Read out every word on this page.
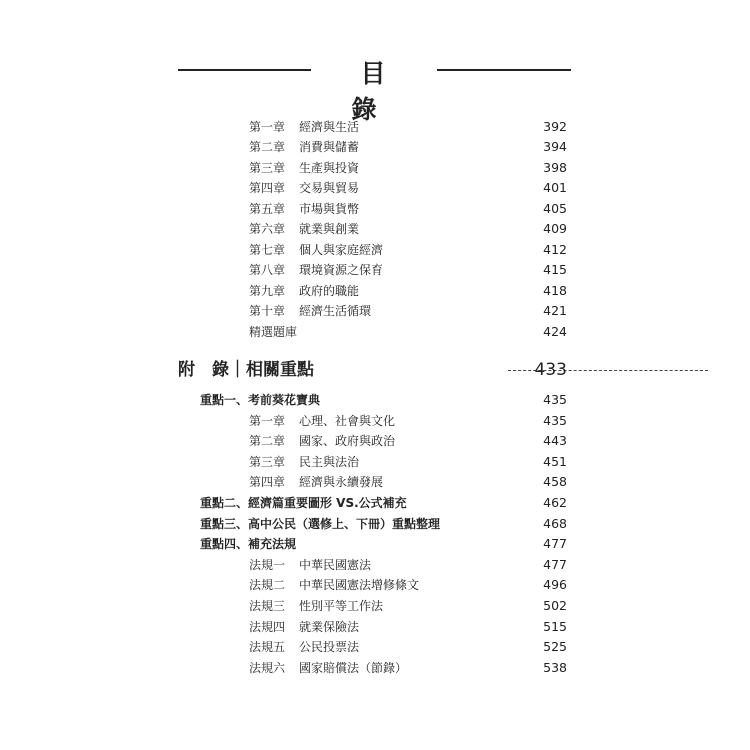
目 錄
第一章 經濟與生活	392
第二章 消費與儲蓄	394
第三章 生產與投資	398
第四章 交易與貿易	401
第五章 市場與貨幣	405
第六章 就業與創業	409
第七章 個人與家庭經濟	412
第八章 環境資源之保育	415
第九章 政府的職能	418
第十章 經濟生活循環	421
精選題庫	424
附　錄｜相關重點	433
重點一、考前葵花寶典	435
第一章 心理、社會與文化	435
第二章 國家、政府與政治	443
第三章 民主與法治	451
第四章 經濟與永續發展	458
重點二、經濟篇重要圖形 VS.公式補充	462
重點三、高中公民（選修上、下冊）重點整理	468
重點四、補充法規	477
法規一 中華民國憲法	477
法規二 中華民國憲法增修條文	496
法規三 性別平等工作法	502
法規四 就業保險法	515
法規五 公民投票法	525
法規六 國家賠償法（節錄）	538
